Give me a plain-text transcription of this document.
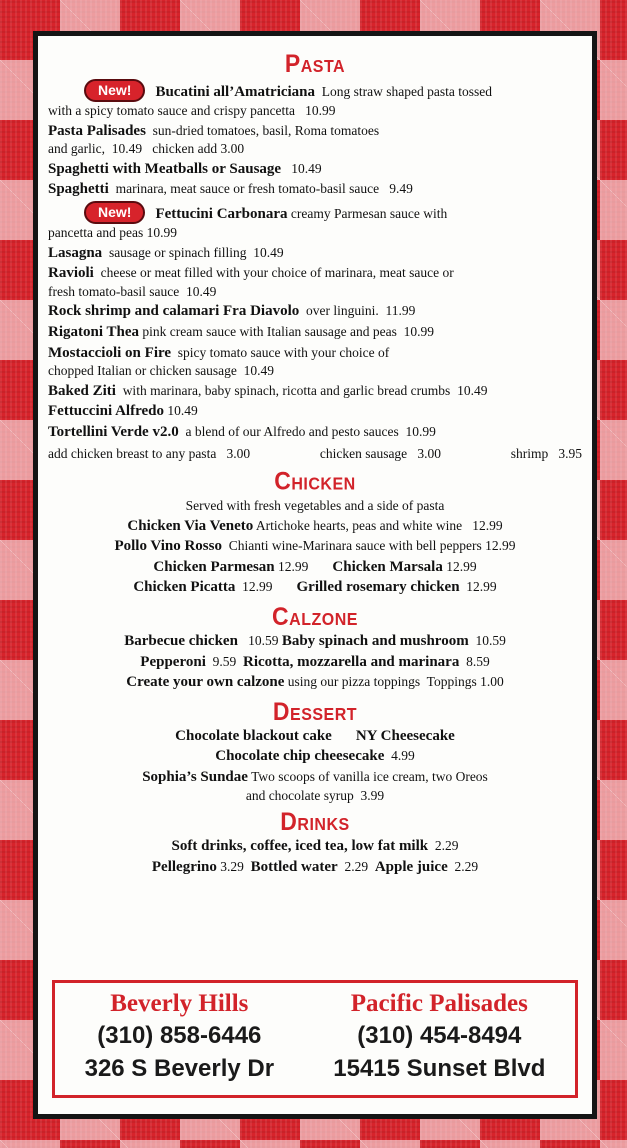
Pasta
New! Bucatini all’Amatriciana Long straw shaped pasta tossed
with a spicy tomato sauce and crispy pancetta 10.99
Pasta Palisades sun-dried tomatoes, basil, Roma tomatoes
and garlic, 10.49 chicken add 3.00
Spaghetti with Meatballs or Sausage 10.49
Spaghetti marinara, meat sauce or fresh tomato-basil sauce 9.49
New! Fettucini Carbonara creamy Parmesan sauce with
pancetta and peas 10.99
Lasagna sausage or spinach filling 10.49
Ravioli cheese or meat filled with your choice of marinara, meat sauce or
fresh tomato-basil sauce 10.49
Rock shrimp and calamari Fra Diavolo over linguini. 11.99
Rigatoni Thea pink cream sauce with Italian sausage and peas 10.99
Mostaccioli on Fire spicy tomato sauce with your choice of
chopped Italian or chicken sausage 10.49
Baked Ziti with marinara, baby spinach, ricotta and garlic bread crumbs 10.49
Fettuccini Alfredo 10.49
Tortellini Verde v2.0 a blend of our Alfredo and pesto sauces 10.99
add chicken breast to any pasta 3.00	chicken sausage 3.00	shrimp 3.95
Chicken
Served with fresh vegetables and a side of pasta
Chicken Via Veneto Artichoke hearts, peas and white wine 12.99
Pollo Vino Rosso Chianti wine-Marinara sauce with bell peppers 12.99
Chicken Parmesan 12.99 Chicken Marsala 12.99
Chicken Picatta 12.99 Grilled rosemary chicken 12.99
Calzone
Barbecue chicken 10.59 Baby spinach and mushroom 10.59
Pepperoni 9.59 Ricotta, mozzarella and marinara 8.59
Create your own calzone using our pizza toppings Toppings 1.00
Dessert
Chocolate blackout cake NY Cheesecake
Chocolate chip cheesecake 4.99
Sophia’s Sundae Two scoops of vanilla ice cream, two Oreos
and chocolate syrup 3.99
Drinks
Soft drinks, coffee, iced tea, low fat milk 2.29
Pellegrino 3.29 Bottled water 2.29 Apple juice 2.29
Beverly Hills
(310) 858-6446
326 S Beverly Dr
Pacific Palisades
(310) 454-8494
15415 Sunset Blvd
